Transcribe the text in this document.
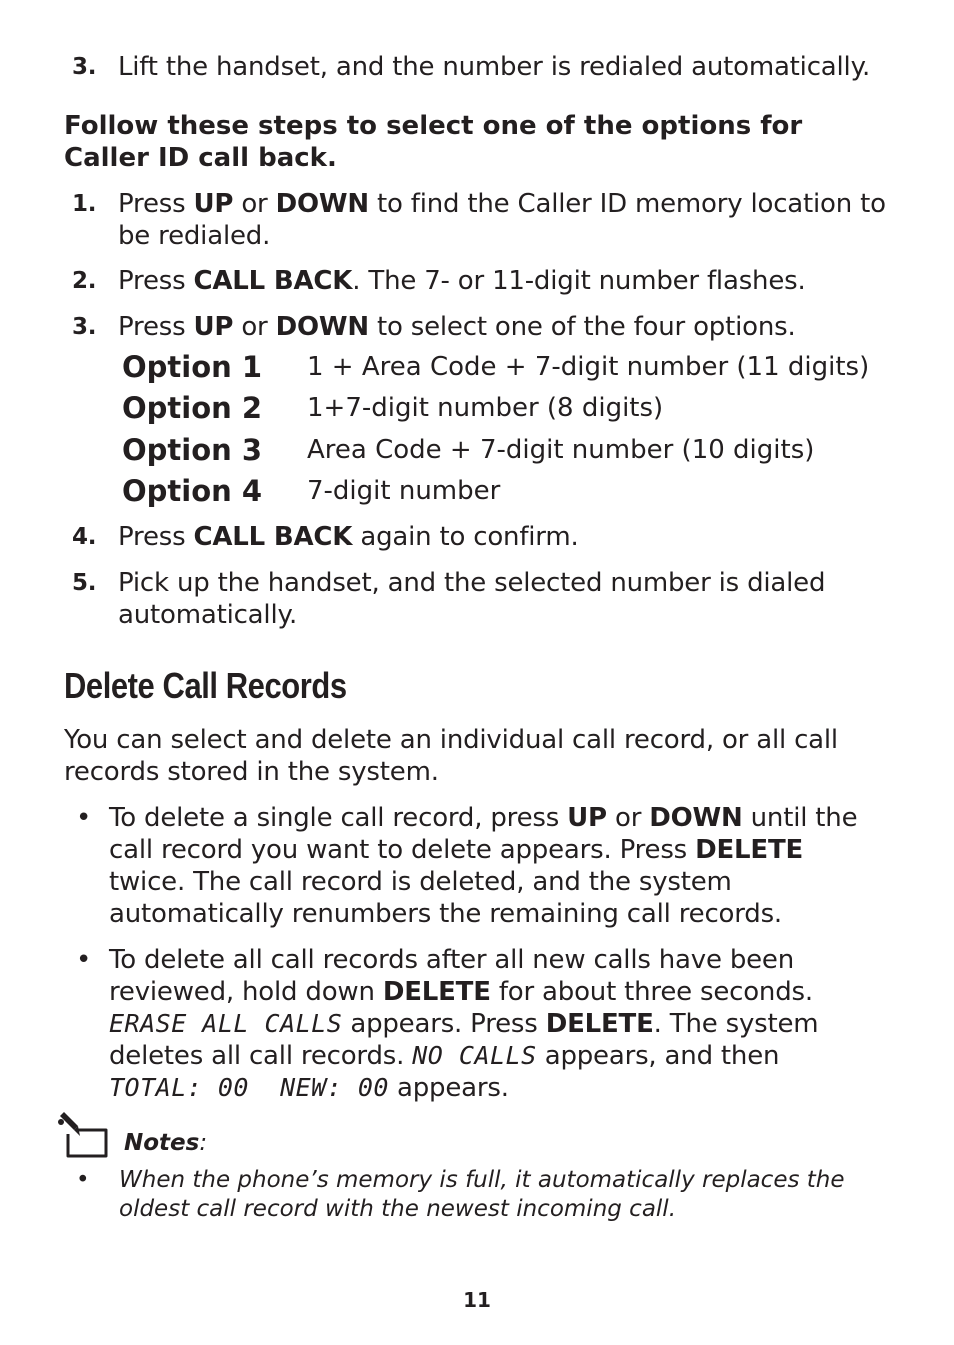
3. Lift the handset, and the number is redialed automatically.
Follow these steps to select one of the options for Caller ID call back.
1. Press UP or DOWN to find the Caller ID memory location to be redialed.
2. Press CALL BACK. The 7- or 11-digit number flashes.
3. Press UP or DOWN to select one of the four options.
Option 1 1 + Area Code + 7-digit number (11 digits)
Option 2 1+7-digit number (8 digits)
Option 3 Area Code + 7-digit number (10 digits)
Option 4 7-digit number
4. Press CALL BACK again to confirm.
5. Pick up the handset, and the selected number is dialed automatically.
Delete Call Records
You can select and delete an individual call record, or all call records stored in the system.
• To delete a single call record, press UP or DOWN until the call record you want to delete appears. Press DELETE twice. The call record is deleted, and the system automatically renumbers the remaining call records.
• To delete all call records after all new calls have been reviewed, hold down DELETE for about three seconds. ERASE ALL CALLS appears. Press DELETE. The system deletes all call records. NO CALLS appears, and then TOTAL: 00  NEW: 00 appears.
Notes:
• When the phone’s memory is full, it automatically replaces the oldest call record with the newest incoming call.
11
